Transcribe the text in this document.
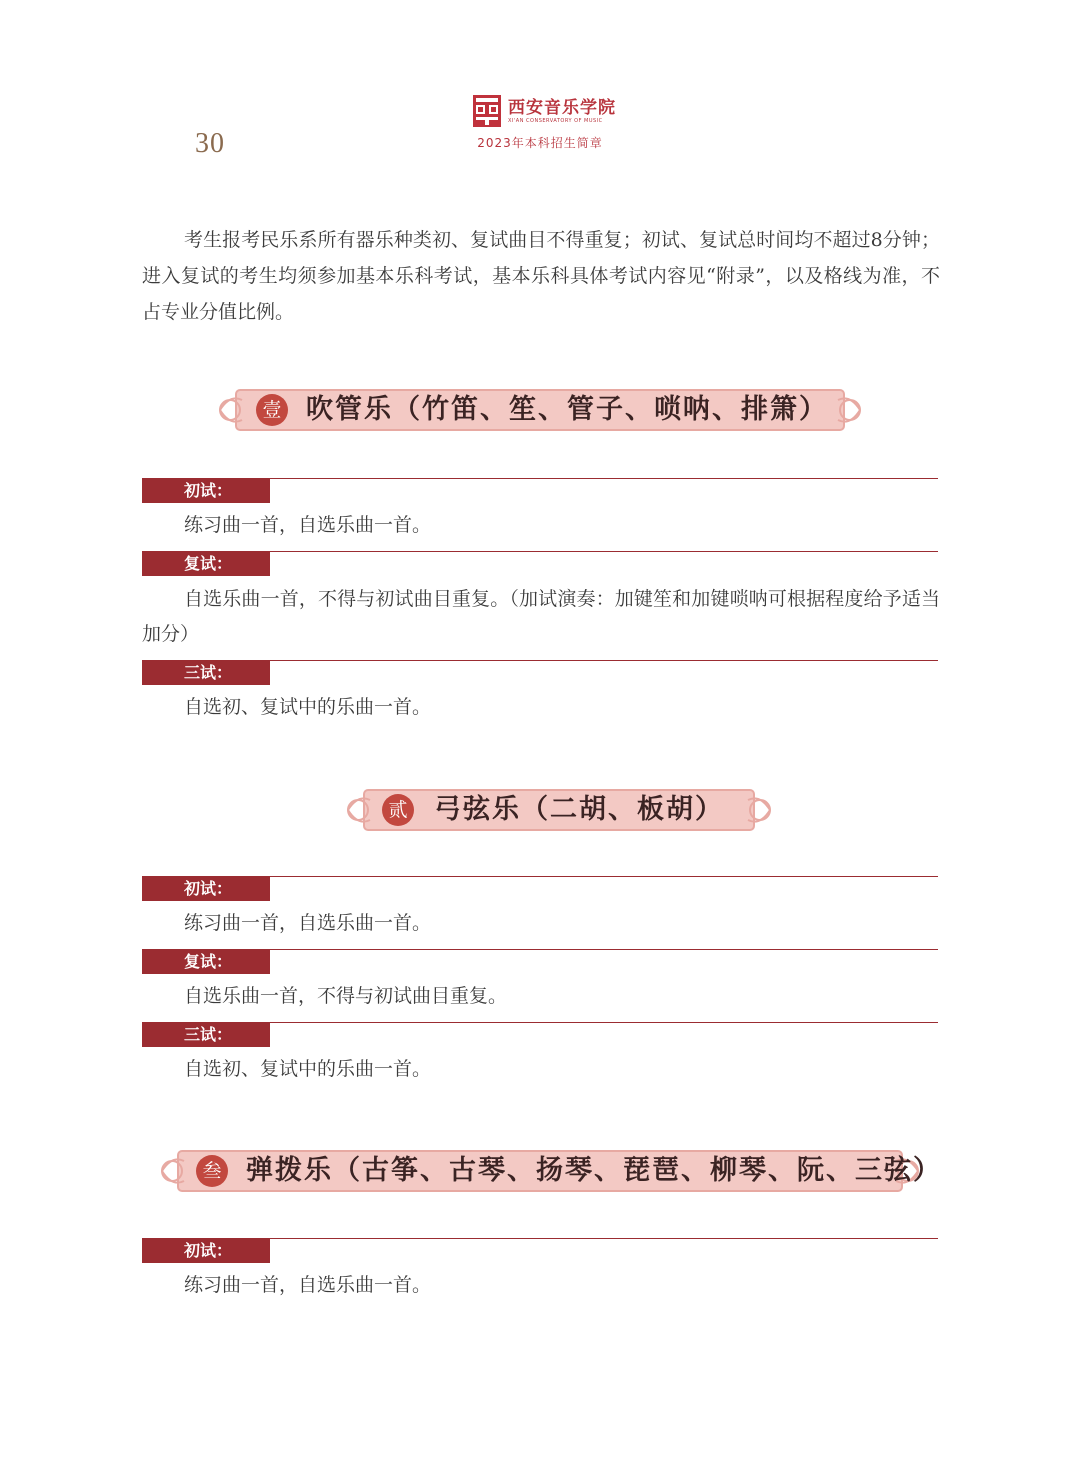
30
西安音乐学院
XI'AN CONSERVATORY OF MUSIC
2023年本科招生简章

考生报考民乐系所有器乐种类初、复试曲目不得重复；初试、复试总时间均不超过8分钟；进入复试的考生均须参加基本乐科考试，基本乐科具体考试内容见“附录”，以及格线为准，不占专业分值比例。

壹 吹管乐（竹笛、笙、管子、唢呐、排箫）
初试：

练习曲一首，自选乐曲一首。

复试：

自选乐曲一首，不得与初试曲目重复。（加试演奏：加键笙和加键唢呐可根据程度给予适当加分）

三试：

自选初、复试中的乐曲一首。

贰 弓弦乐（二胡、板胡）
初试：

练习曲一首，自选乐曲一首。

复试：

自选乐曲一首，不得与初试曲目重复。

三试：

自选初、复试中的乐曲一首。

叁 弹拨乐（古筝、古琴、扬琴、琵琶、柳琴、阮、三弦）
初试：

练习曲一首，自选乐曲一首。
